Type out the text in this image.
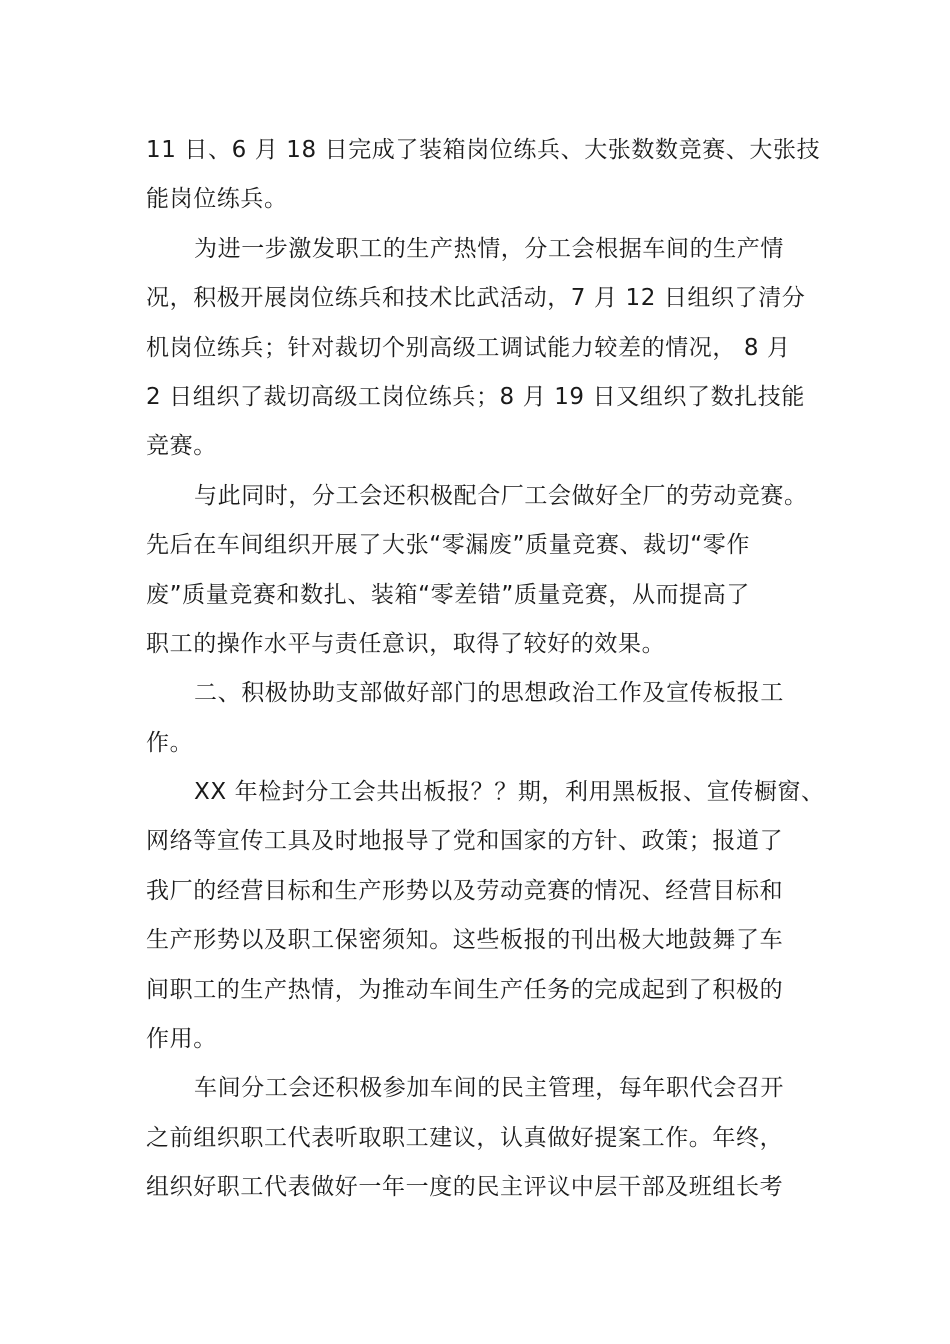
11 日、6 月 18 日完成了装箱岗位练兵、大张数数竞赛、大张技
能岗位练兵。
为进一步激发职工的生产热情，分工会根据车间的生产情
况，积极开展岗位练兵和技术比武活动，7 月 12 日组织了清分
机岗位练兵；针对裁切个别高级工调试能力较差的情况， 8 月
2 日组织了裁切高级工岗位练兵；8 月 19 日又组织了数扎技能
竞赛。
与此同时，分工会还积极配合厂工会做好全厂的劳动竞赛。
先后在车间组织开展了大张“零漏废”质量竞赛、裁切“零作
废”质量竞赛和数扎、装箱“零差错”质量竞赛，从而提高了
职工的操作水平与责任意识，取得了较好的效果。
二、积极协助支部做好部门的思想政治工作及宣传板报工
作。
XX 年检封分工会共出板报？？期，利用黑板报、宣传橱窗、
网络等宣传工具及时地报导了党和国家的方针、政策；报道了
我厂的经营目标和生产形势以及劳动竞赛的情况、经营目标和
生产形势以及职工保密须知。这些板报的刊出极大地鼓舞了车
间职工的生产热情，为推动车间生产任务的完成起到了积极的
作用。
车间分工会还积极参加车间的民主管理，每年职代会召开
之前组织职工代表听取职工建议，认真做好提案工作。年终，
组织好职工代表做好一年一度的民主评议中层干部及班组长考
